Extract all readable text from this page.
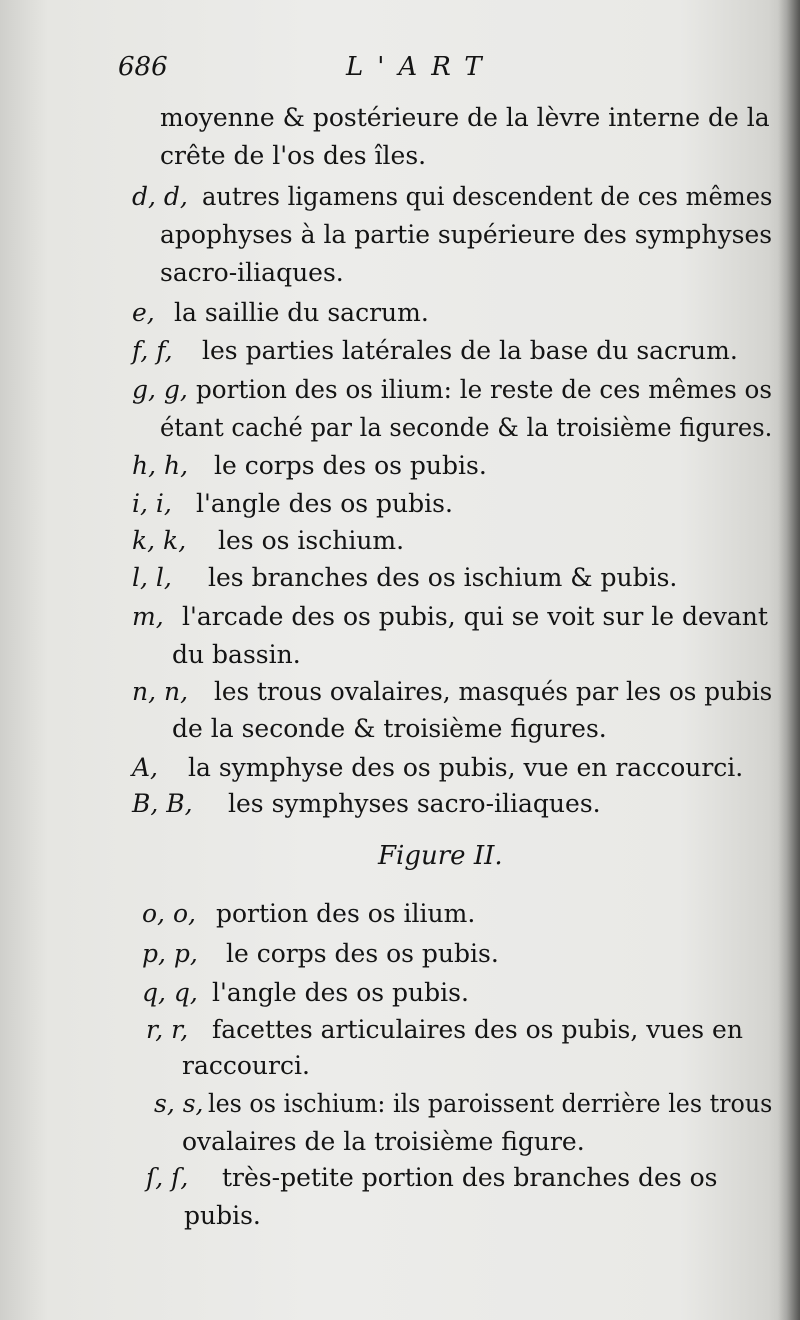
686	L'ART
moyenne & postérieure de la lèvre interne de la
crête de l'os des îles.
d, d, autres ligamens qui descendent de ces mêmes
apophyses à la partie supérieure des symphyses
sacro-iliaques.
e, la saillie du sacrum.
f, f, les parties latérales de la base du sacrum.
g, g, portion des os ilium: le reste de ces mêmes os
étant caché par la seconde & la troisième figures.
h, h, le corps des os pubis.
i, i, l'angle des os pubis.
k, k, les os ischium.
l, l, les branches des os ischium & pubis.
m, l'arcade des os pubis, qui se voit sur le devant
du bassin.
n, n, les trous ovalaires, masqués par les os pubis
de la seconde & troisième figures.
A, la symphyse des os pubis, vue en raccourci.
B, B, les symphyses sacro-iliaques.
Figure II.
o, o, portion des os ilium.
p, p, le corps des os pubis.
q, q, l'angle des os pubis.
r, r, facettes articulaires des os pubis, vues en
raccourci.
s, s, les os ischium: ils paroissent derrière les trous
ovalaires de la troisième figure.
ſ, ſ, très-petite portion des branches des os
pubis.
